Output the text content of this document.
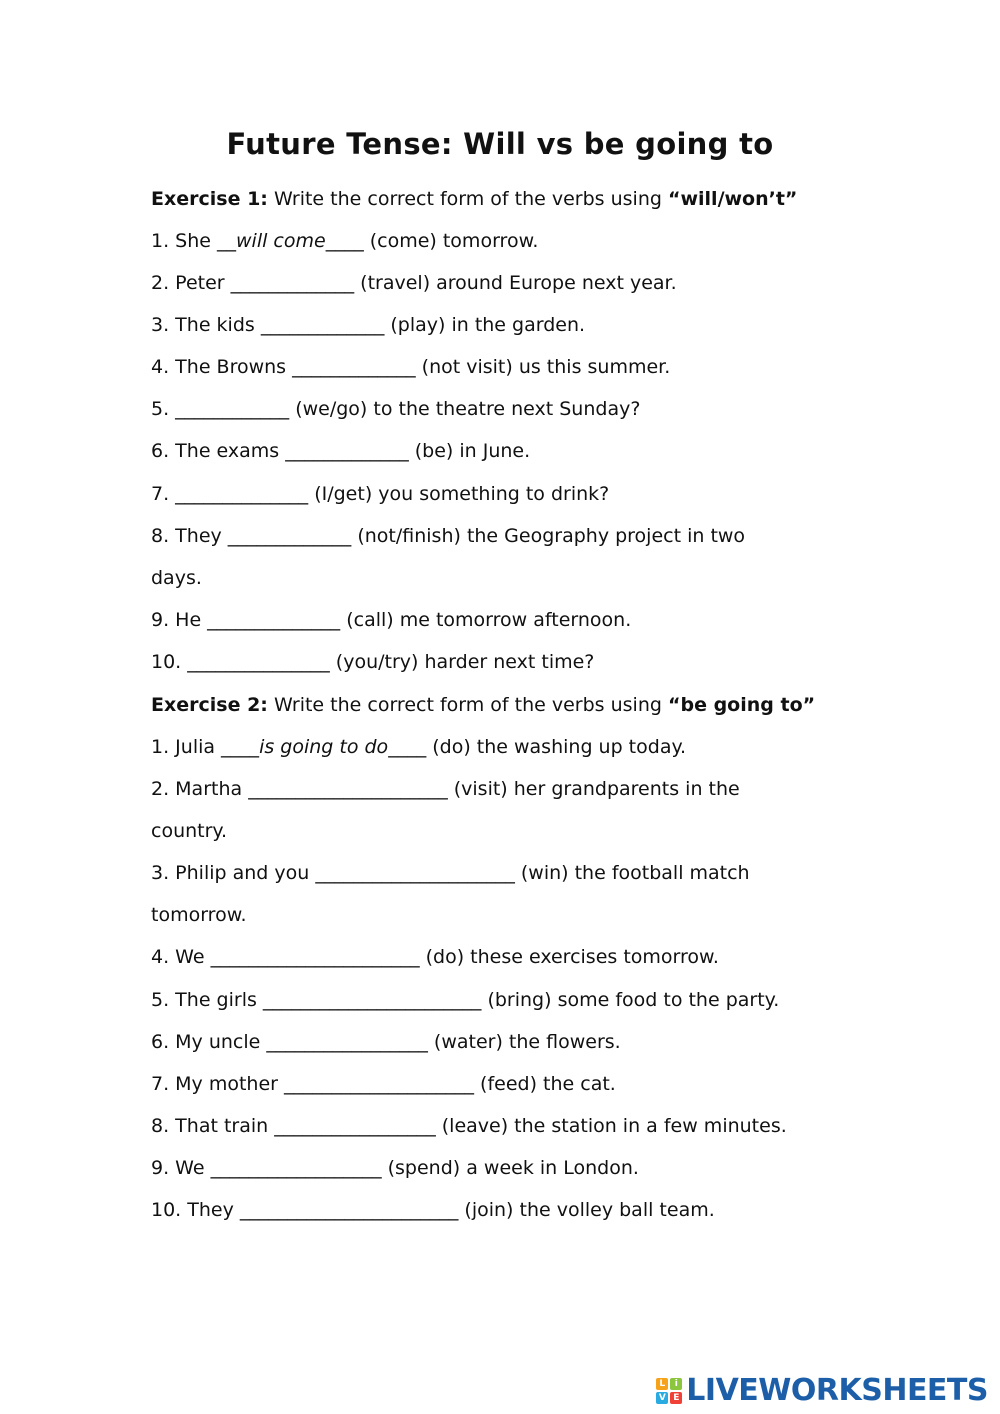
Future Tense: Will vs be going to
Exercise 1: Write the correct form of the verbs using “will/won’t”
1. She __will come____ (come) tomorrow.
2. Peter _____________ (travel) around Europe next year.
3. The kids _____________ (play) in the garden.
4. The Browns _____________ (not visit) us this summer.
5. ____________ (we/go) to the theatre next Sunday?
6. The exams _____________ (be) in June.
7. ______________ (I/get) you something to drink?
8. They _____________ (not/finish) the Geography project in two
days.
9. He ______________ (call) me tomorrow afternoon.
10. _______________ (you/try) harder next time?
Exercise 2: Write the correct form of the verbs using “be going to”
1. Julia ____is going to do____ (do) the washing up today.
2. Martha _____________________ (visit) her grandparents in the
country.
3. Philip and you _____________________ (win) the football match
tomorrow.
4. We ______________________ (do) these exercises tomorrow.
5. The girls _______________________ (bring) some food to the party.
6. My uncle _________________ (water) the flowers.
7. My mother ____________________ (feed) the cat.
8. That train _________________ (leave) the station in a few minutes.
9. We __________________ (spend) a week in London.
10. They _______________________ (join) the volley ball team.
L	i
V E LIVEWORKSHEETS
